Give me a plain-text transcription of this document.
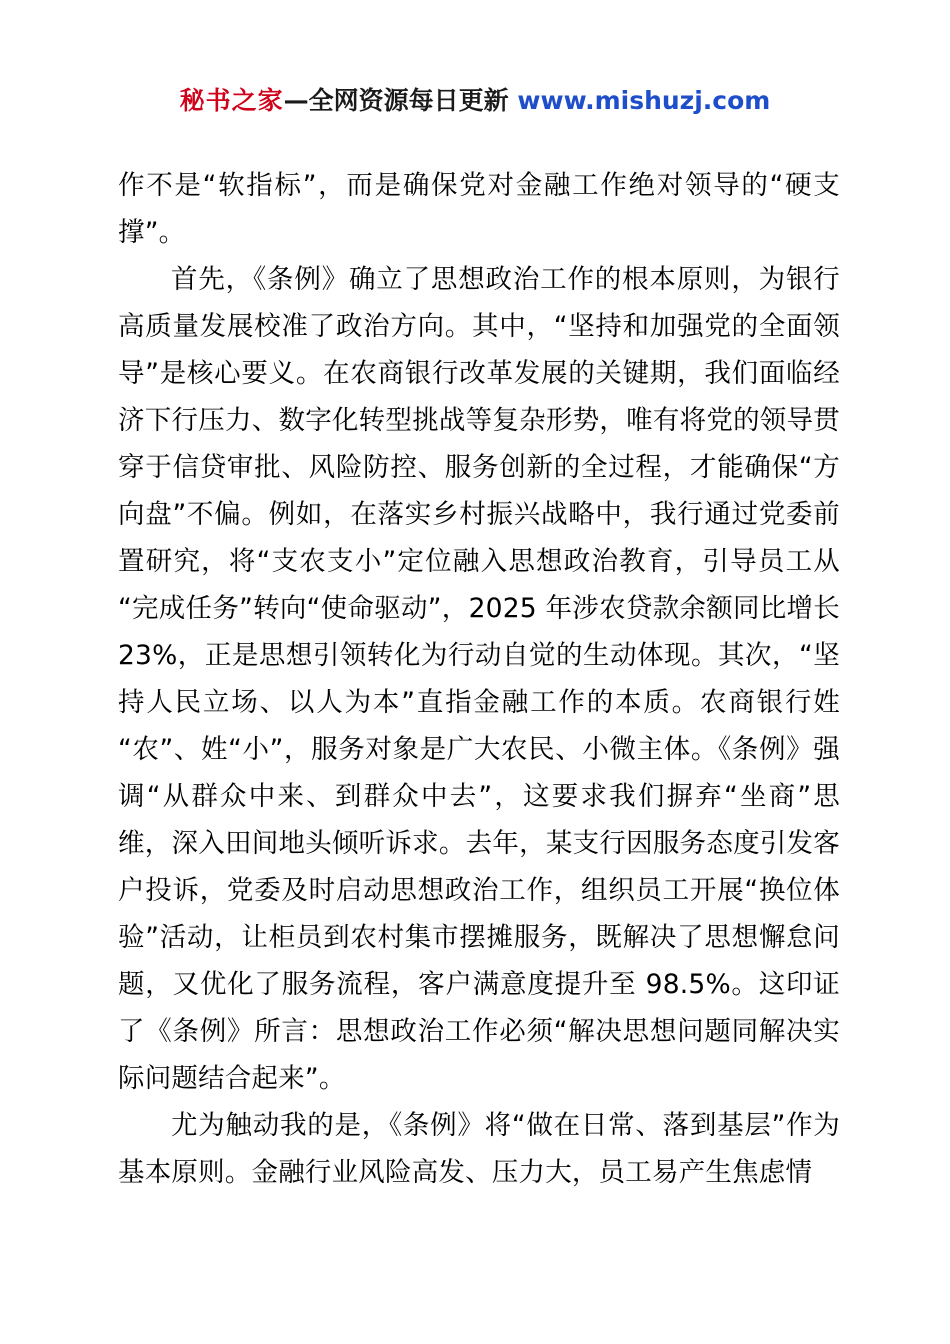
秘书之家—全网资源每日更新 www.mishuzj.com

作不是“软指标”，而是确保党对金融工作绝对领导的“硬支撑”。

首先，《条例》确立了思想政治工作的根本原则，为银行高质量发展校准了政治方向。其中，“坚持和加强党的全面领导”是核心要义。在农商银行改革发展的关键期，我们面临经济下行压力、数字化转型挑战等复杂形势，唯有将党的领导贯穿于信贷审批、风险防控、服务创新的全过程，才能确保“方向盘”不偏。例如，在落实乡村振兴战略中，我行通过党委前置研究，将“支农支小”定位融入思想政治教育，引导员工从“完成任务”转向“使命驱动”，2025 年涉农贷款余额同比增长 23%，正是思想引领转化为行动自觉的生动体现。其次，“坚持人民立场、以人为本”直指金融工作的本质。农商银行姓“农”、姓“小”，服务对象是广大农民、小微主体。《条例》强调“从群众中来、到群众中去”，这要求我们摒弃“坐商”思维，深入田间地头倾听诉求。去年，某支行因服务态度引发客户投诉，党委及时启动思想政治工作，组织员工开展“换位体验”活动，让柜员到农村集市摆摊服务，既解决了思想懈怠问题，又优化了服务流程，客户满意度提升至 98.5%。这印证了《条例》所言：思想政治工作必须“解决思想问题同解决实际问题结合起来”。

尤为触动我的是，《条例》将“做在日常、落到基层”作为基本原则。金融行业风险高发、压力大，员工易产生焦虑情
